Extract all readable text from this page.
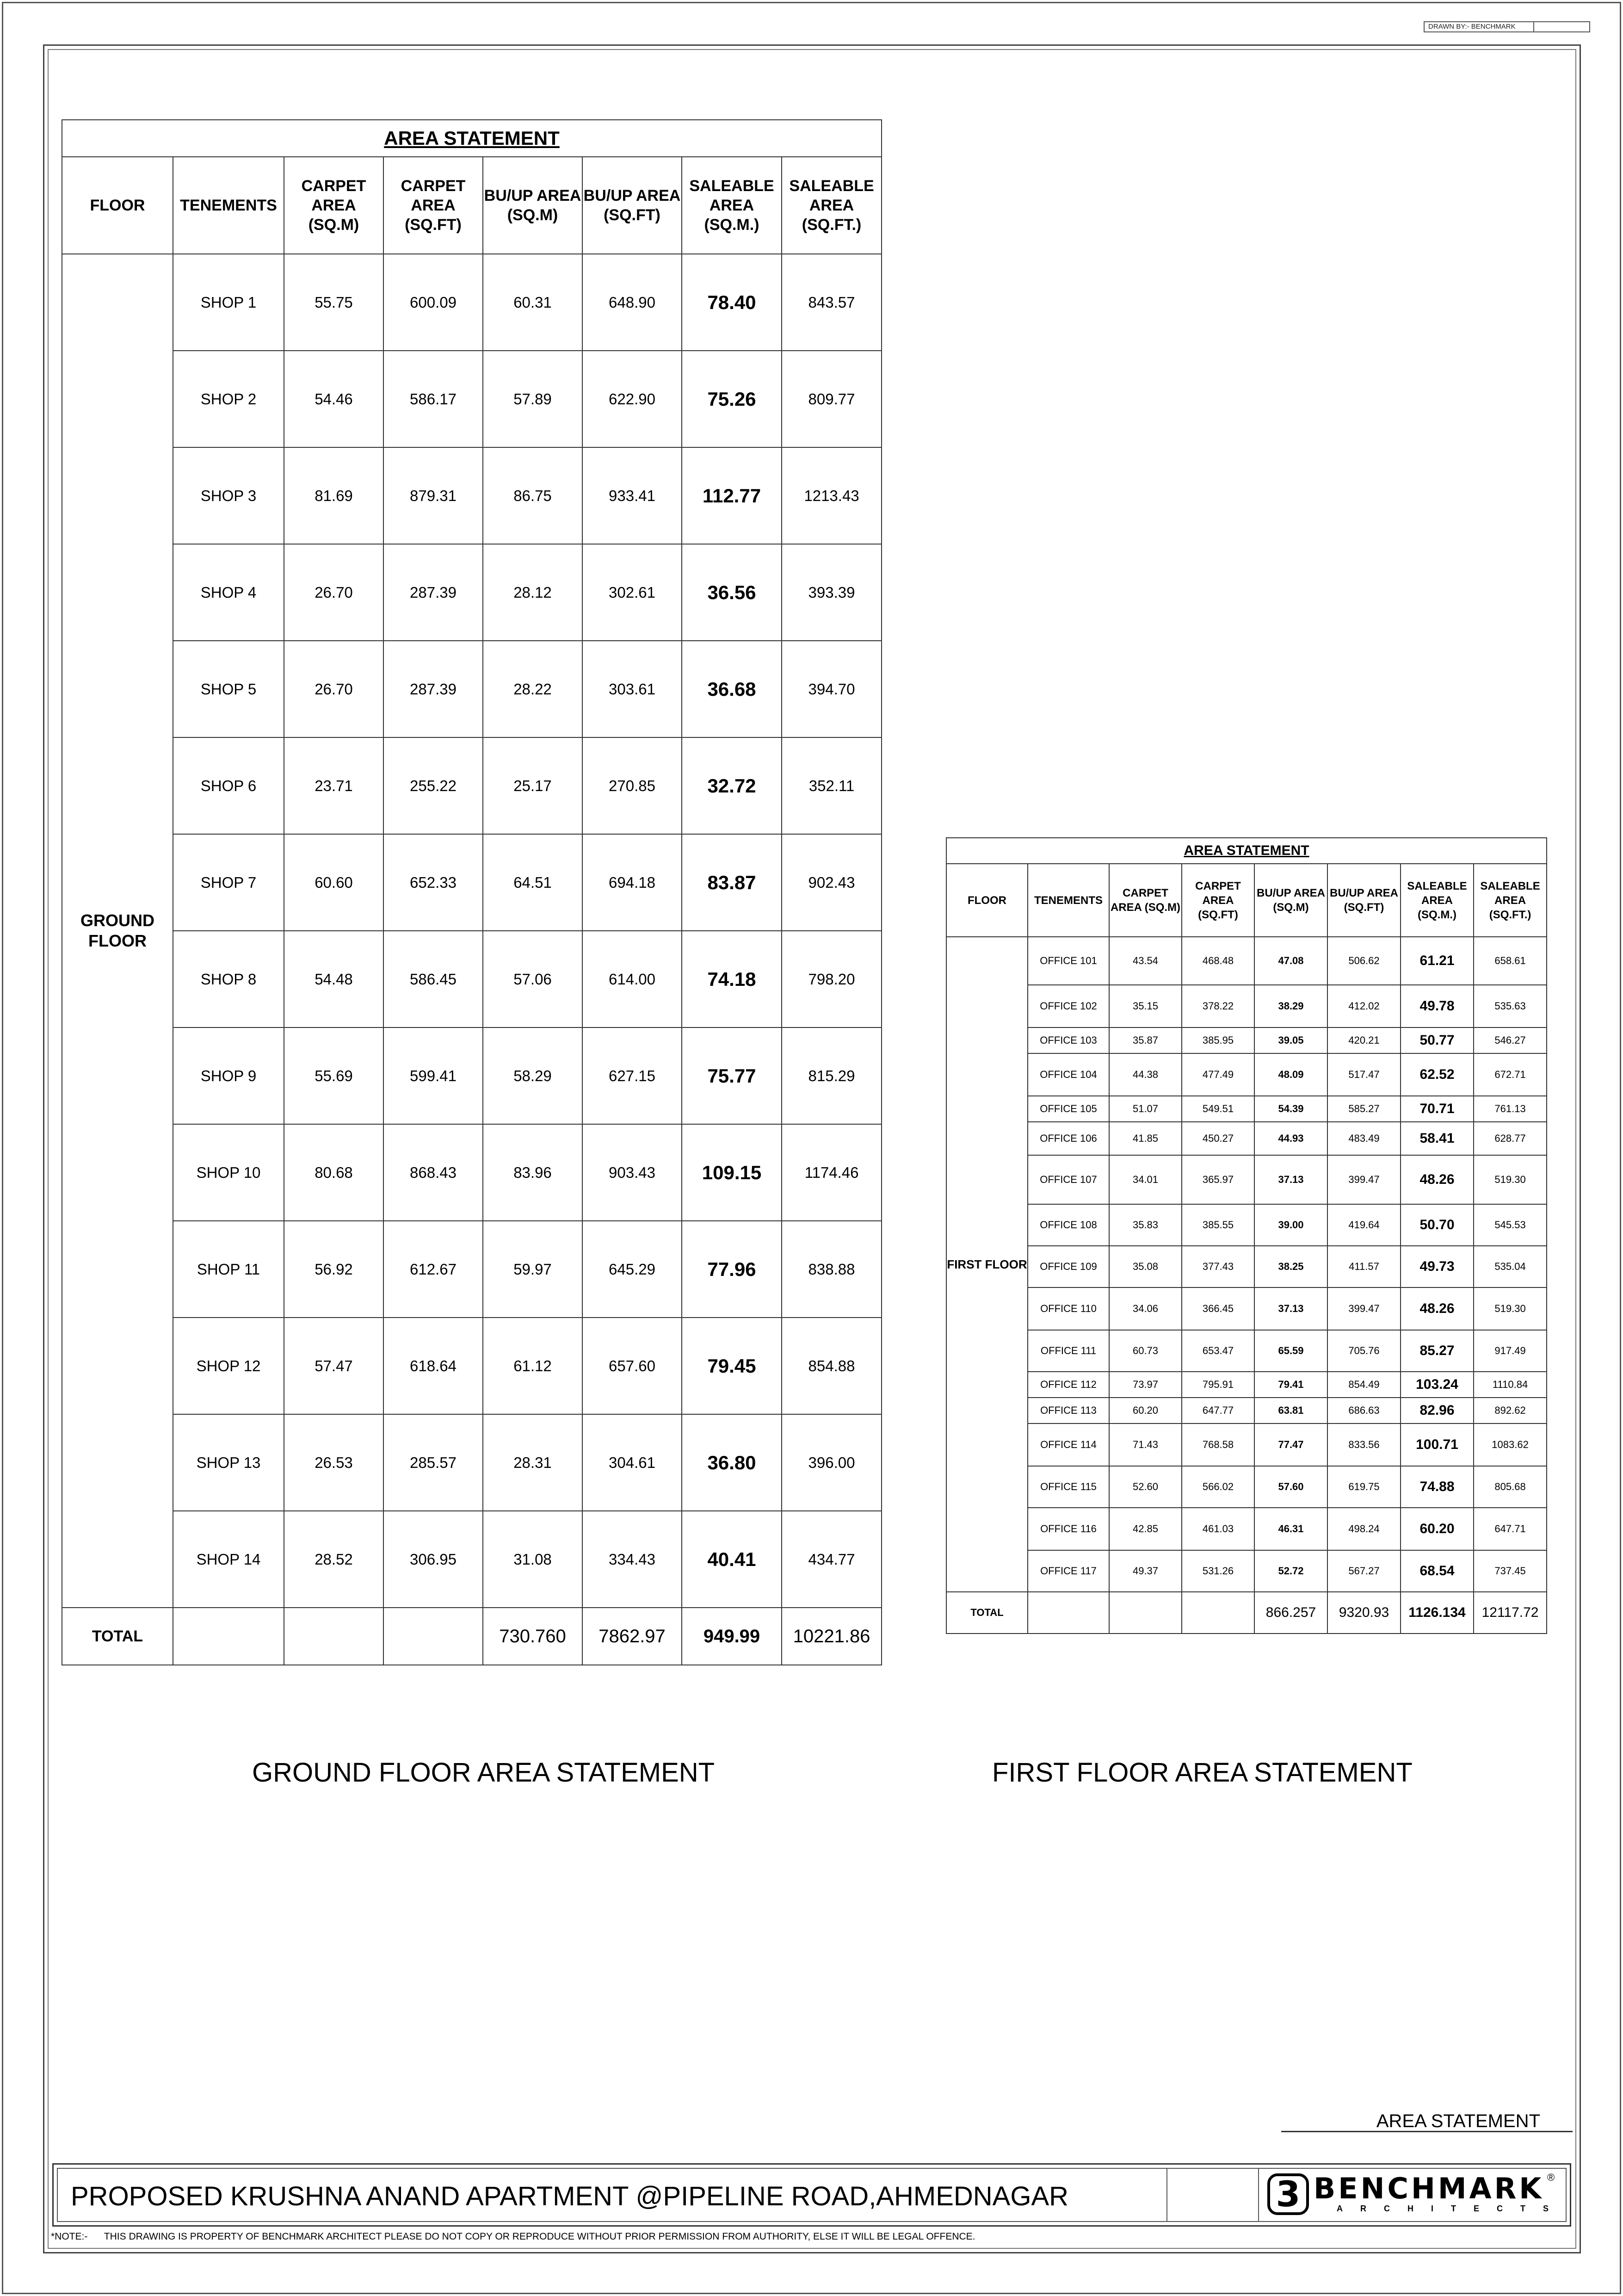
DRAWN BY:- BENCHMARK
AREA STATEMENT							
FLOOR	TENEMENTS	CARPET AREA (SQ.M)	CARPET AREA (SQ.FT)	BU/UP AREA (SQ.M)	BU/UP AREA (SQ.FT)	SALEABLE AREA (SQ.M.)	SALEABLE AREA (SQ.FT.)
GROUND FLOOR	SHOP 1	55.75	600.09	60.31	648.90	78.40	843.57
	SHOP 2	54.46	586.17	57.89	622.90	75.26	809.77
	SHOP 3	81.69	879.31	86.75	933.41	112.77	1213.43
	SHOP 4	26.70	287.39	28.12	302.61	36.56	393.39
	SHOP 5	26.70	287.39	28.22	303.61	36.68	394.70
	SHOP 6	23.71	255.22	25.17	270.85	32.72	352.11
	SHOP 7	60.60	652.33	64.51	694.18	83.87	902.43
	SHOP 8	54.48	586.45	57.06	614.00	74.18	798.20
	SHOP 9	55.69	599.41	58.29	627.15	75.77	815.29
	SHOP 10	80.68	868.43	83.96	903.43	109.15	1174.46
	SHOP 11	56.92	612.67	59.97	645.29	77.96	838.88
	SHOP 12	57.47	618.64	61.12	657.60	79.45	854.88
	SHOP 13	26.53	285.57	28.31	304.61	36.80	396.00
	SHOP 14	28.52	306.95	31.08	334.43	40.41	434.77
TOTAL				730.760	7862.97	949.99	10221.86
AREA STATEMENT							
FLOOR	TENEMENTS	CARPET AREA (SQ.M)	CARPET AREA (SQ.FT)	BU/UP AREA (SQ.M)	BU/UP AREA (SQ.FT)	SALEABLE AREA (SQ.M.)	SALEABLE AREA (SQ.FT.)
FIRST FLOOR	OFFICE 101	43.54	468.48	47.08	506.62	61.21	658.61
	OFFICE 102	35.15	378.22	38.29	412.02	49.78	535.63
	OFFICE 103	35.87	385.95	39.05	420.21	50.77	546.27
	OFFICE 104	44.38	477.49	48.09	517.47	62.52	672.71
	OFFICE 105	51.07	549.51	54.39	585.27	70.71	761.13
	OFFICE 106	41.85	450.27	44.93	483.49	58.41	628.77
	OFFICE 107	34.01	365.97	37.13	399.47	48.26	519.30
	OFFICE 108	35.83	385.55	39.00	419.64	50.70	545.53
	OFFICE 109	35.08	377.43	38.25	411.57	49.73	535.04
	OFFICE 110	34.06	366.45	37.13	399.47	48.26	519.30
	OFFICE 111	60.73	653.47	65.59	705.76	85.27	917.49
	OFFICE 112	73.97	795.91	79.41	854.49	103.24	1110.84
	OFFICE 113	60.20	647.77	63.81	686.63	82.96	892.62
	OFFICE 114	71.43	768.58	77.47	833.56	100.71	1083.62
	OFFICE 115	52.60	566.02	57.60	619.75	74.88	805.68
	OFFICE 116	42.85	461.03	46.31	498.24	60.20	647.71
	OFFICE 117	49.37	531.26	52.72	567.27	68.54	737.45
TOTAL				866.257	9320.93	1126.134	12117.72
GROUND FLOOR AREA STATEMENT	FIRST FLOOR AREA STATEMENT
AREA STATEMENT
PROPOSED KRUSHNA ANAND APARTMENT @PIPELINE ROAD,AHMEDNAGAR	3 BENCHMARK
ARCHITECTS
®
*NOTE:- THIS DRAWING IS PROPERTY OF BENCHMARK ARCHITECT PLEASE DO NOT COPY OR REPRODUCE WITHOUT PRIOR PERMISSION FROM AUTHORITY, ELSE IT WILL BE LEGAL OFFENCE.
